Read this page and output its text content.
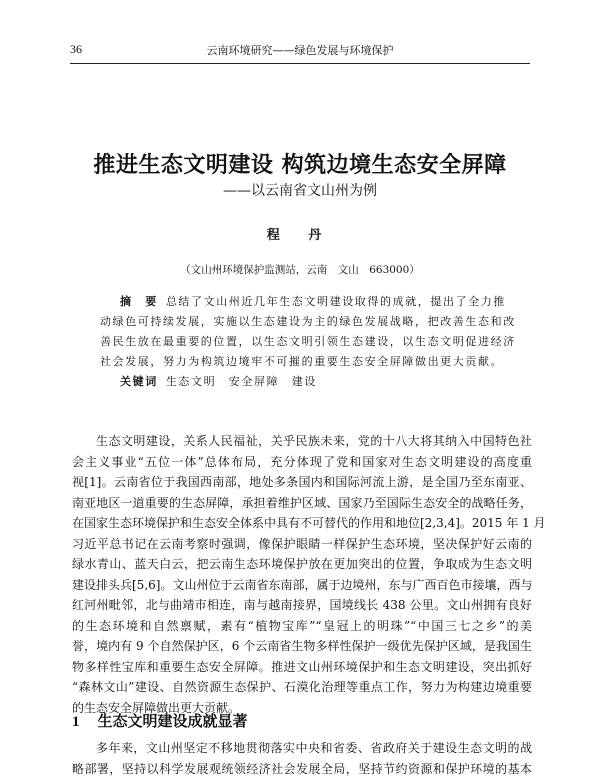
36	云南环境研究——绿色发展与环境保护
推进生态文明建设 构筑边境生态安全屏障
——以云南省文山州为例
程 丹
（文山州环境保护监测站，云南　文山　663000）
摘　要 总结了文山州近几年生态文明建设取得的成就，提出了全力推
动绿色可持续发展，实施以生态建设为主的绿色发展战略，把改善生态和改
善民生放在最重要的位置，以生态文明引领生态建设，以生态文明促进经济
社会发展，努力为构筑边境牢不可摧的重要生态安全屏障做出更大贡献。
关键词 生态文明　安全屏障　建设
生态文明建设，关系人民福祉，关乎民族未来，党的十八大将其纳入中国特色社
会主义事业“五位一体”总体布局，充分体现了党和国家对生态文明建设的高度重
视[1]。云南省位于我国西南部，地处多条国内和国际河流上游，是全国乃至东南亚、
南亚地区一道重要的生态屏障，承担着维护区域、国家乃至国际生态安全的战略任务，
在国家生态环境保护和生态安全体系中具有不可替代的作用和地位[2,3,4]。2015 年 1 月
习近平总书记在云南考察时强调，像保护眼睛一样保护生态环境，坚决保护好云南的
绿水青山、蓝天白云，把云南生态环境保护放在更加突出的位置，争取成为生态文明
建设排头兵[5,6]。文山州位于云南省东南部，属于边境州，东与广西百色市接壤，西与
红河州毗邻，北与曲靖市相连，南与越南接界，国境线长 438 公里。文山州拥有良好
的生态环境和自然禀赋，素有“植物宝库”“皇冠上的明珠”“中国三七之乡”的美
誉，境内有 9 个自然保护区，6 个云南省生物多样性保护一级优先保护区域，是我国生
物多样性宝库和重要生态安全屏障。推进文山州环境保护和生态文明建设，突出抓好
“森林文山”建设、自然资源生态保护、石漠化治理等重点工作，努力为构建边境重要
的生态安全屏障做出更大贡献。
1 生态文明建设成就显著
多年来，文山州坚定不移地贯彻落实中央和省委、省政府关于建设生态文明的战
略部署，坚持以科学发展观统领经济社会发展全局，坚持节约资源和保护环境的基本
